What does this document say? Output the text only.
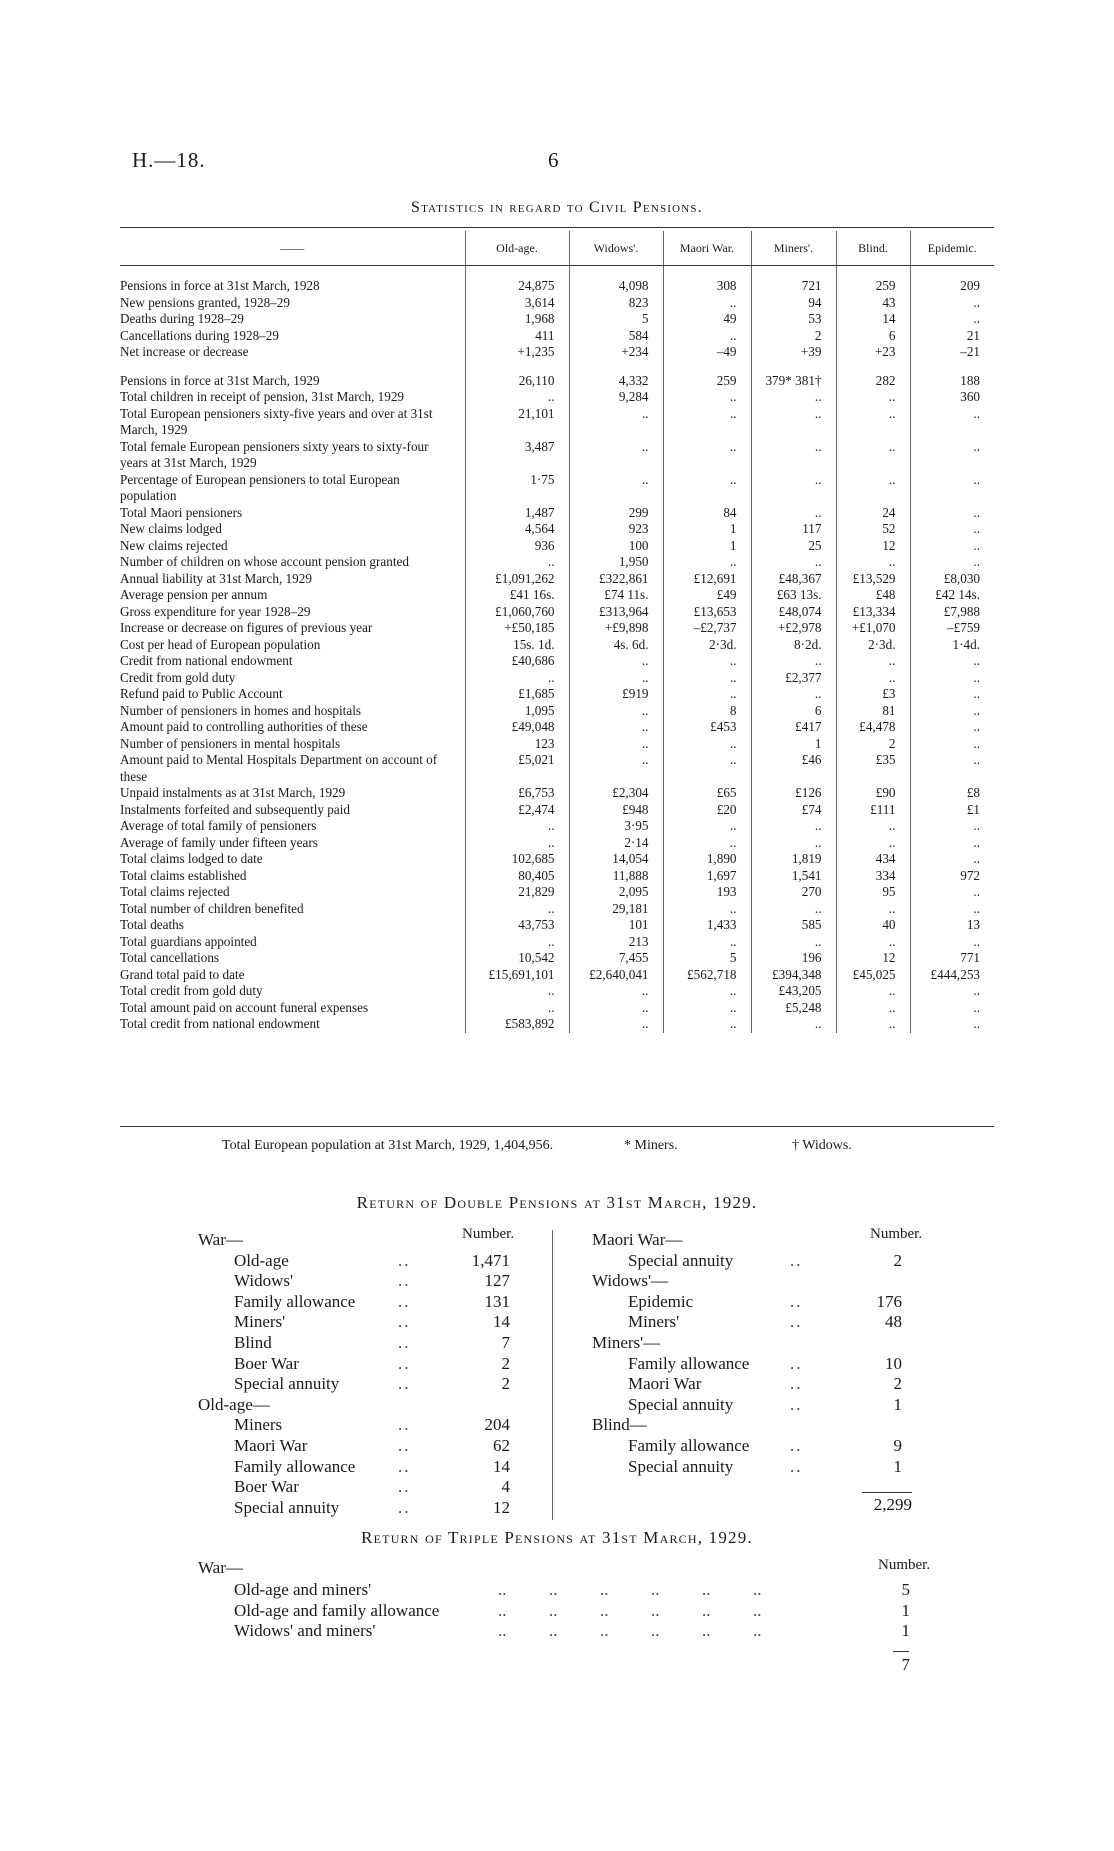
H.—18.	6
Statistics in regard to Civil Pensions.
——	Old-age.	Widows'.	Maori War.	Miners'.	Blind.	Epidemic.

Pensions in force at 31st March, 1928	24,875	4,098	308	721	259	209
New pensions granted, 1928–29	3,614	823	..	94	43	..
Deaths during 1928–29	1,968	5	49	53	14	..
Cancellations during 1928–29	411	584	..	2	6	21
Net increase or decrease	+1,235	+234	–49	+39	+23	–21

Pensions in force at 31st March, 1929	26,110	4,332	259	379* 381†	282	188
Total children in receipt of pension, 31st March, 1929	..	9,284	..	..	..	360
Total European pensioners sixty-five years and over at 31st March, 1929	21,101	..	..	..	..	..
Total female European pensioners sixty years to sixty-four years at 31st March, 1929	3,487	..	..	..	..	..
Percentage of European pensioners to total European population	1·75	..	..	..	..	..
Total Maori pensioners	1,487	299	84	..	24	..
New claims lodged	4,564	923	1	117	52	..
New claims rejected	936	100	1	25	12	..
Number of children on whose account pension granted	..	1,950	..	..	..	..
Annual liability at 31st March, 1929	£1,091,262	£322,861	£12,691	£48,367	£13,529	£8,030
Average pension per annum	£41 16s.	£74 11s.	£49	£63 13s.	£48	£42 14s.
Gross expenditure for year 1928–29	£1,060,760	£313,964	£13,653	£48,074	£13,334	£7,988
Increase or decrease on figures of previous year	+£50,185	+£9,898	–£2,737	+£2,978	+£1,070	–£759
Cost per head of European population	15s. 1d.	4s. 6d.	2·3d.	8·2d.	2·3d.	1·4d.
Credit from national endowment	£40,686	..	..	..	..	..
Credit from gold duty	..	..	..	£2,377	..	..
Refund paid to Public Account	£1,685	£919	..	..	£3	..
Number of pensioners in homes and hospitals	1,095	..	8	6	81	..
Amount paid to controlling authorities of these	£49,048	..	£453	£417	£4,478	..
Number of pensioners in mental hospitals	123	..	..	1	2	..
Amount paid to Mental Hospitals Department on account of these	£5,021	..	..	£46	£35	..
Unpaid instalments as at 31st March, 1929	£6,753	£2,304	£65	£126	£90	£8
Instalments forfeited and subsequently paid	£2,474	£948	£20	£74	£111	£1
Average of total family of pensioners	..	3·95	..	..	..	..
Average of family under fifteen years	..	2·14	..	..	..	..
Total claims lodged to date	102,685	14,054	1,890	1,819	434	..
Total claims established	80,405	11,888	1,697	1,541	334	972
Total claims rejected	21,829	2,095	193	270	95	..
Total number of children benefited	..	29,181	..	..	..	..
Total deaths	43,753	101	1,433	585	40	13
Total guardians appointed	..	213	..	..	..	..
Total cancellations	10,542	7,455	5	196	12	771
Grand total paid to date	£15,691,101	£2,640,041	£562,718	£394,348	£45,025	£444,253
Total credit from gold duty	..	..	..	£43,205	..	..
Total amount paid on account funeral expenses	..	..	..	£5,248	..	..
Total credit from national endowment	£583,892	..	..	..	..	..
Total European population at 31st March, 1929, 1,404,956.	* Miners.	† Widows.
Return of Double Pensions at 31st March, 1929.
Number.	Number.
War—
Old-age	..	1,471
Widows'	..	127
Family allowance	..	131
Miners'	..	14
Blind	..	7
Boer War	..	2
Special annuity	..	2
Old-age—
Miners	..	204
Maori War	..	62
Family allowance	..	14
Boer War	..	4
Special annuity	..	12
Maori War—
Special annuity	..	2
Widows'—
Epidemic	..	176
Miners'	..	48
Miners'—
Family allowance ..	10
Maori War	..	2
Special annuity	..	1
Blind—
Family allowance ..	9
Special annuity	..	1
2,299
Return of Triple Pensions at 31st March, 1929.
Number.
War—
Old-age and miners'	..          ..          ..          ..          ..          ..	5
Old-age and family allowance	..          ..          ..          ..          ..          ..	1
Widows' and miners'	..          ..          ..          ..          ..          ..	1
7
